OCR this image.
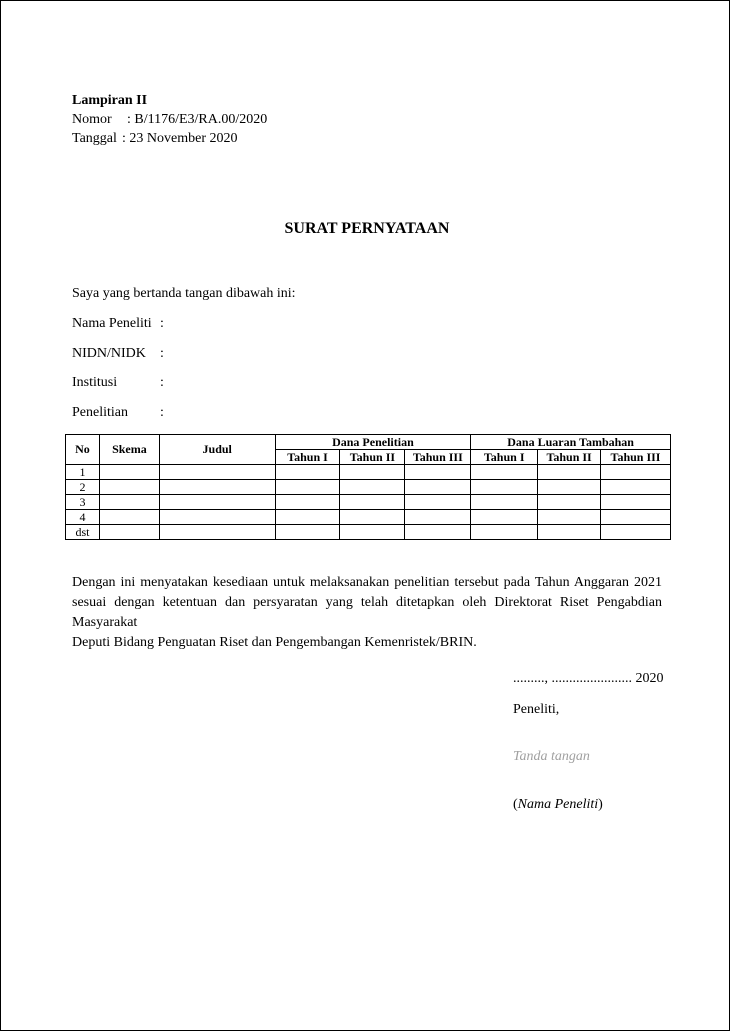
Lampiran II
Nomor : B/1176/E3/RA.00/2020
Tanggal : 23 November 2020
SURAT PERNYATAAN
Saya yang bertanda tangan dibawah ini:
Nama Peneliti :
NIDN/NIDK :
Institusi	:
Penelitian :
No	Skema	Judul	Dana Penelitian			Dana Luaran Tambahan		
			Tahun I	Tahun II	Tahun III	Tahun I	Tahun II	Tahun III
1								
2								
3								
4								
dst								
Dengan ini menyatakan kesediaan untuk melaksanakan penelitian tersebut pada Tahun Anggaran 2021
sesuai dengan ketentuan dan persyaratan yang telah ditetapkan oleh Direktorat Riset Pengabdian Masyarakat
Deputi Bidang Penguatan Riset dan Pengembangan Kemenristek/BRIN.
........., ....................... 2020
Peneliti,
Tanda tangan
(Nama Peneliti)
